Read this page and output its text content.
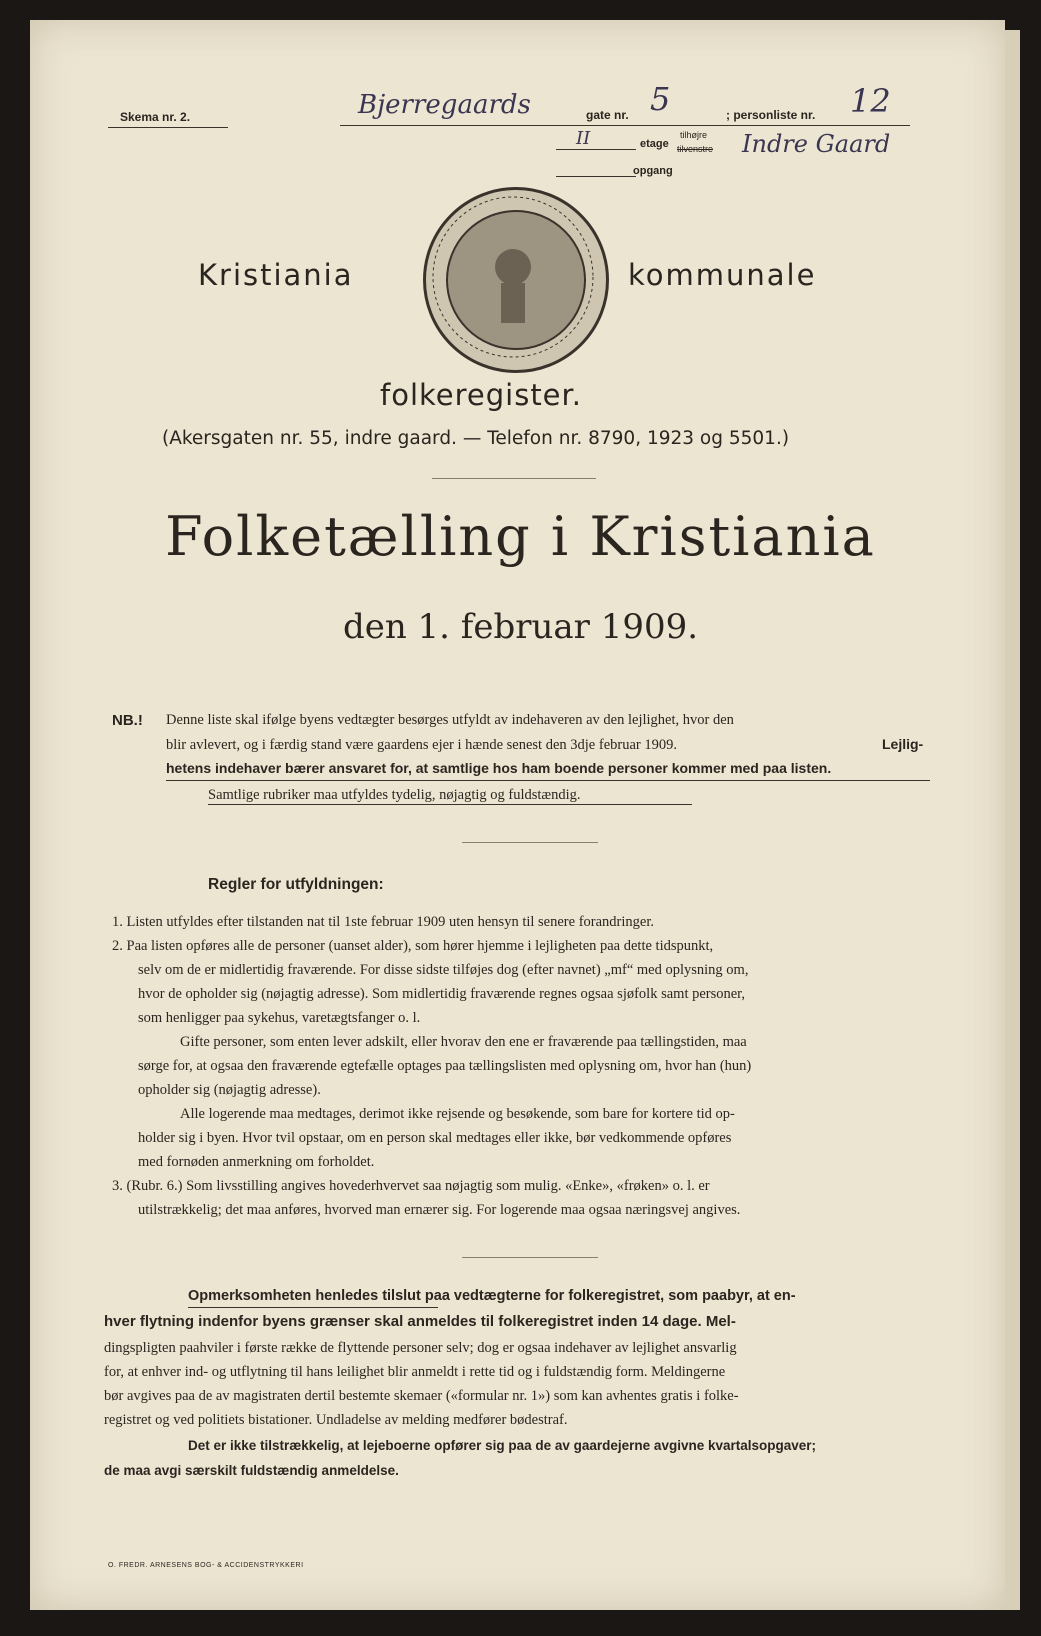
Skema nr. 2.	Bjerregaards	gate nr. 5	; personliste nr. 12
II	etage
tilhøjre
tilvenstre Indre Gaard
opgang
Kristiania	kommunale
folkeregister.
(Akersgaten nr. 55, indre gaard. — Telefon nr. 8790, 1923 og 5501.)
Folketælling i Kristiania
den 1. februar 1909.
NB.! Denne liste skal ifølge byens vedtægter besørges utfyldt av indehaveren av den lejlighet, hvor den
blir avlevert, og i færdig stand være gaardens ejer i hænde senest den 3dje februar 1909.	Lejlig-
hetens indehaver bærer ansvaret for, at samtlige hos ham boende personer kommer med paa listen.
Samtlige rubriker maa utfyldes tydelig, nøjagtig og fuldstændig.
Regler for utfyldningen:
1. Listen utfyldes efter tilstanden nat til 1ste februar 1909 uten hensyn til senere forandringer.
2. Paa listen opføres alle de personer (uanset alder), som hører hjemme i lejligheten paa dette tidspunkt,
selv om de er midlertidig fraværende. For disse sidste tilføjes dog (efter navnet) „mf“ med oplysning om,
hvor de opholder sig (nøjagtig adresse). Som midlertidig fraværende regnes ogsaa sjøfolk samt personer,
som henligger paa sykehus, varetægtsfanger o. l.
Gifte personer, som enten lever adskilt, eller hvorav den ene er fraværende paa tællingstiden, maa
sørge for, at ogsaa den fraværende egtefælle optages paa tællingslisten med oplysning om, hvor han (hun)
opholder sig (nøjagtig adresse).
Alle logerende maa medtages, derimot ikke rejsende og besøkende, som bare for kortere tid op-
holder sig i byen. Hvor tvil opstaar, om en person skal medtages eller ikke, bør vedkommende opføres
med fornøden anmerkning om forholdet.
3. (Rubr. 6.) Som livsstilling angives hovederhvervet saa nøjagtig som mulig. «Enke», «frøken» o. l. er
utilstrækkelig; det maa anføres, hvorved man ernærer sig. For logerende maa ogsaa næringsvej angives.
Opmerksomheten henledes tilslut paa vedtægterne for folkeregistret, som paabyr, at en-
hver flytning indenfor byens grænser skal anmeldes til folkeregistret inden 14 dage. Mel-
dingspligten paahviler i første række de flyttende personer selv; dog er ogsaa indehaver av lejlighet ansvarlig
for, at enhver ind- og utflytning til hans leilighet blir anmeldt i rette tid og i fuldstændig form. Meldingerne
bør avgives paa de av magistraten dertil bestemte skemaer («formular nr. 1») som kan avhentes gratis i folke-
registret og ved politiets bistationer. Undladelse av melding medfører bødestraf.
Det er ikke tilstrækkelig, at lejeboerne opfører sig paa de av gaardejerne avgivne kvartalsopgaver;
de maa avgi særskilt fuldstændig anmeldelse.
O. FREDR. ARNESENS BOG- & ACCIDENSTRYKKERI
